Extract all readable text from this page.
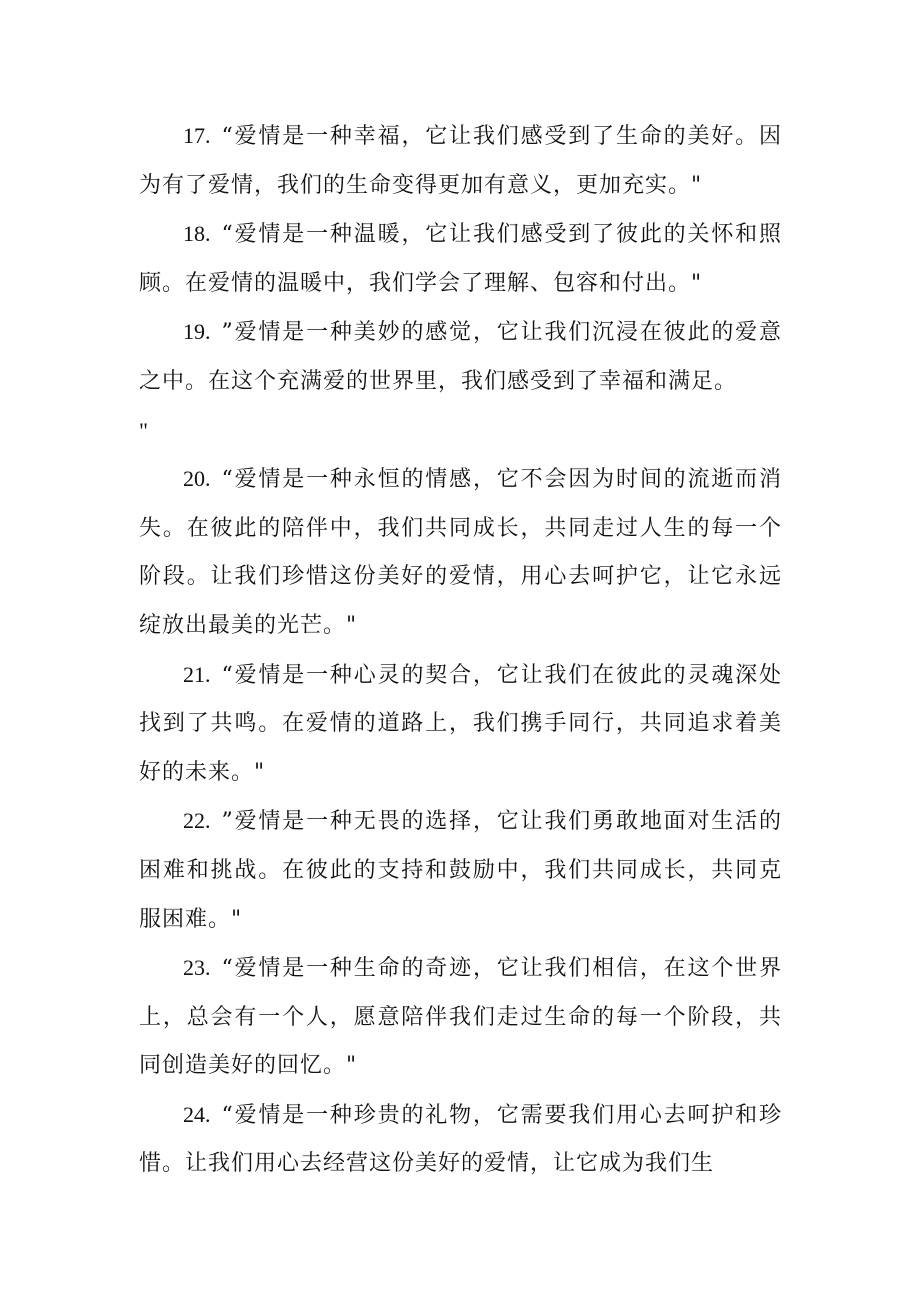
17. “爱情是一种幸福，它让我们感受到了生命的美好。因为有了爱情，我们的生命变得更加有意义，更加充实。"

18. “爱情是一种温暖，它让我们感受到了彼此的关怀和照顾。在爱情的温暖中，我们学会了理解、包容和付出。"

19. ”爱情是一种美妙的感觉，它让我们沉浸在彼此的爱意之中。在这个充满爱的世界里，我们感受到了幸福和满足。

"

20. “爱情是一种永恒的情感，它不会因为时间的流逝而消失。在彼此的陪伴中，我们共同成长，共同走过人生的每一个阶段。让我们珍惜这份美好的爱情，用心去呵护它，让它永远绽放出最美的光芒。"

21. “爱情是一种心灵的契合，它让我们在彼此的灵魂深处找到了共鸣。在爱情的道路上，我们携手同行，共同追求着美好的未来。"

22. ”爱情是一种无畏的选择，它让我们勇敢地面对生活的困难和挑战。在彼此的支持和鼓励中，我们共同成长，共同克服困难。"

23. “爱情是一种生命的奇迹，它让我们相信，在这个世界上，总会有一个人，愿意陪伴我们走过生命的每一个阶段，共同创造美好的回忆。"

24. “爱情是一种珍贵的礼物，它需要我们用心去呵护和珍惜。让我们用心去经营这份美好的爱情，让它成为我们生
